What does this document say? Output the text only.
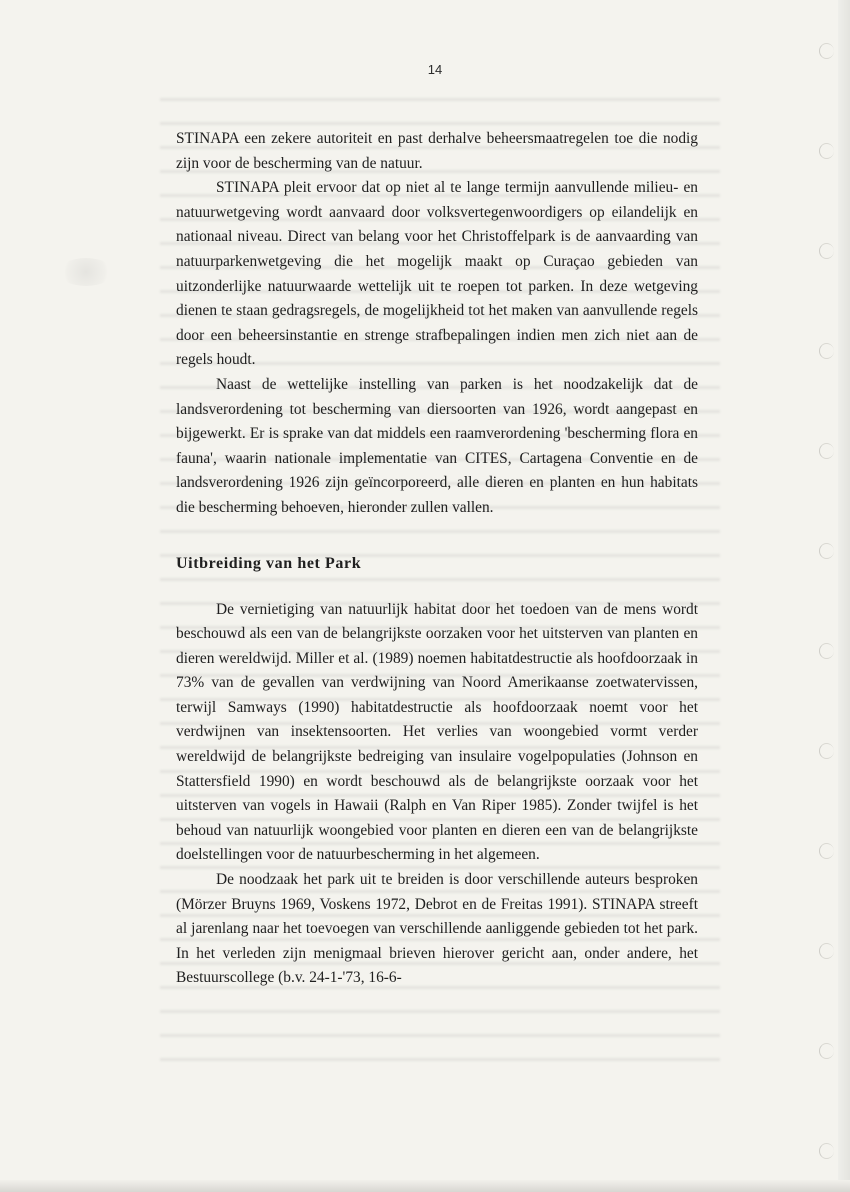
14

STINAPA een zekere autoriteit en past derhalve beheersmaatregelen toe die nodig zijn voor de bescherming van de natuur.

STINAPA pleit ervoor dat op niet al te lange termijn aanvullende milieu- en natuurwetgeving wordt aanvaard door volksvertegenwoordigers op eilandelijk en nationaal niveau. Direct van belang voor het Christoffelpark is de aanvaarding van natuurparkenwetgeving die het mogelijk maakt op Curaçao gebieden van uitzonderlijke natuurwaarde wettelijk uit te roepen tot parken. In deze wetgeving dienen te staan gedragsregels, de mogelijkheid tot het maken van aanvullende regels door een beheersinstantie en strenge strafbepalingen indien men zich niet aan de regels houdt.

Naast de wettelijke instelling van parken is het noodzakelijk dat de landsverordening tot bescherming van diersoorten van 1926, wordt aangepast en bijgewerkt. Er is sprake van dat middels een raamverordening 'bescherming flora en fauna', waarin nationale implementatie van CITES, Cartagena Conventie en de landsverordening 1926 zijn geïncorporeerd, alle dieren en planten en hun habitats die bescherming behoeven, hieronder zullen vallen.

Uitbreiding van het Park

De vernietiging van natuurlijk habitat door het toedoen van de mens wordt beschouwd als een van de belangrijkste oorzaken voor het uitsterven van planten en dieren wereldwijd. Miller et al. (1989) noemen habitatdestructie als hoofdoorzaak in 73% van de gevallen van verdwijning van Noord Amerikaanse zoetwatervissen, terwijl Samways (1990) habitatdestructie als hoofdoorzaak noemt voor het verdwijnen van insektensoorten. Het verlies van woongebied vormt verder wereldwijd de belangrijkste bedreiging van insulaire vogelpopulaties (Johnson en Stattersfield 1990) en wordt beschouwd als de belangrijkste oorzaak voor het uitsterven van vogels in Hawaii (Ralph en Van Riper 1985). Zonder twijfel is het behoud van natuurlijk woongebied voor planten en dieren een van de belangrijkste doelstellingen voor de natuurbescherming in het algemeen.

De noodzaak het park uit te breiden is door verschillende auteurs besproken (Mörzer Bruyns 1969, Voskens 1972, Debrot en de Freitas 1991). STINAPA streeft al jarenlang naar het toevoegen van verschillende aanliggende gebieden tot het park. In het verleden zijn menigmaal brieven hierover gericht aan, onder andere, het Bestuurscollege (b.v. 24-1-'73, 16-6-
